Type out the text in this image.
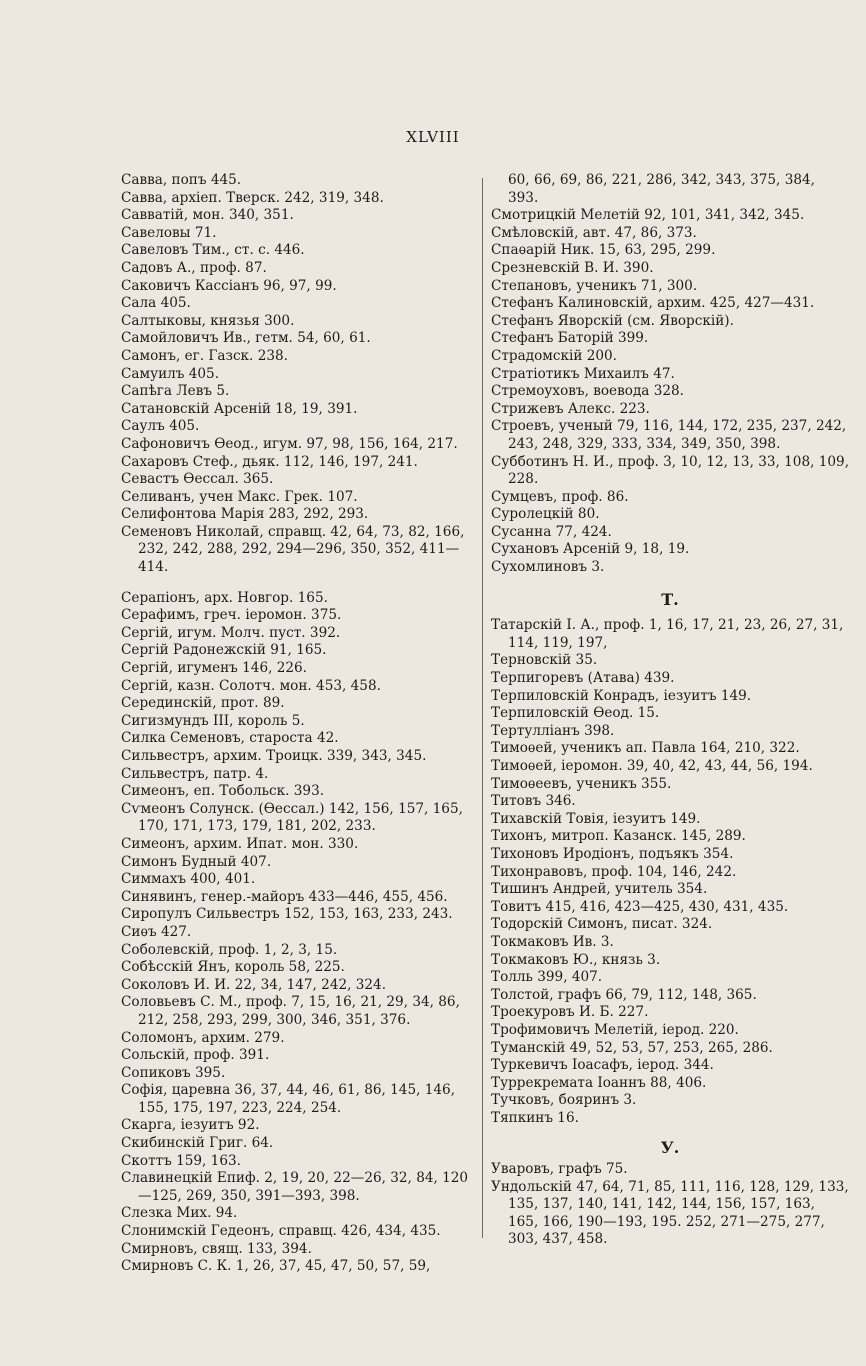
XLVIII
Савва, попъ 445.
Савва, архіеп. Тверск. 242, 319, 348.
Савватій, мон. 340, 351.
Савеловы 71.
Савеловъ Тим., ст. с. 446.
Садовъ А., проф. 87.
Саковичъ Кассіанъ 96, 97, 99.
Сала 405.
Салтыковы, князья 300.
Самойловичъ Ив., гетм. 54, 60, 61.
Самонъ, ег. Газск. 238.
Самуилъ 405.
Сапѣга Левъ 5.
Сатановскій Арсеній 18, 19, 391.
Саулъ 405.
Сафоновичъ Ѳеод., игум. 97, 98, 156, 164, 217.
Сахаровъ Стеф., дьяк. 112, 146, 197, 241.
Севастъ Ѳессал. 365.
Селиванъ, учен Макс. Грек. 107.
Селифонтова Марія 283, 292, 293.
Семеновъ Николай, справщ. 42, 64, 73, 82, 166, 232, 242, 288, 292, 294—296, 350, 352, 411—414.
Серапіонъ, арх. Новгор. 165.
Серафимъ, греч. іеромон. 375.
Сергій, игум. Молч. пуст. 392.
Сергій Радонежскій 91, 165.
Сергій, игуменъ 146, 226.
Сергій, казн. Солотч. мон. 453, 458.
Серединскій, прот. 89.
Сигизмундъ III, король 5.
Силка Семеновъ, староста 42.
Сильвестръ, архим. Троицк. 339, 343, 345.
Сильвестръ, патр. 4.
Симеонъ, еп. Тобольск. 393.
Сѵмеонъ Солунск. (Ѳессал.) 142, 156, 157, 165, 170, 171, 173, 179, 181, 202, 233.
Симеонъ, архим. Ипат. мон. 330.
Симонъ Будный 407.
Симмахъ 400, 401.
Синявинъ, генер.-майоръ 433—446, 455, 456.
Сиропулъ Сильвестръ 152, 153, 163, 233, 243.
Сиѳъ 427.
Соболевскій, проф. 1, 2, 3, 15.
Собѣсскій Янъ, король 58, 225.
Соколовъ И. И. 22, 34, 147, 242, 324.
Соловьевъ С. М., проф. 7, 15, 16, 21, 29, 34, 86, 212, 258, 293, 299, 300, 346, 351, 376.
Соломонъ, архим. 279.
Сольскій, проф. 391.
Сопиковъ 395.
Софія, царевна 36, 37, 44, 46, 61, 86, 145, 146, 155, 175, 197, 223, 224, 254.
Скарга, іезуитъ 92.
Скибинскій Григ. 64.
Скоттъ 159, 163.
Славинецкій Епиф. 2, 19, 20, 22—26, 32, 84, 120—125, 269, 350, 391—393, 398.
Слезка Мих. 94.
Слонимскій Гедеонъ, справщ. 426, 434, 435.
Смирновъ, свящ. 133, 394.
Смирновъ С. К. 1, 26, 37, 45, 47, 50, 57, 59,
60, 66, 69, 86, 221, 286, 342, 343, 375, 384, 393.
Смотрицкій Мелетій 92, 101, 341, 342, 345.
Смѣловскій, авт. 47, 86, 373.
Спаѳарій Ник. 15, 63, 295, 299.
Срезневскій В. И. 390.
Степановъ, ученикъ 71, 300.
Стефанъ Калиновскій, архим. 425, 427—431.
Стефанъ Яворскій (см. Яворскій).
Стефанъ Баторій 399.
Страдомскій 200.
Стратіотикъ Михаилъ 47.
Стремоуховъ, воевода 328.
Стрижевъ Алекс. 223.
Строевъ, ученый 79, 116, 144, 172, 235, 237, 242, 243, 248, 329, 333, 334, 349, 350, 398.
Субботинъ Н. И., проф. 3, 10, 12, 13, 33, 108, 109, 228.
Сумцевъ, проф. 86.
Суролецкій 80.
Сусанна 77, 424.
Сухановъ Арсеній 9, 18, 19.
Сухомлиновъ 3.
Т.
Татарскій I. А., проф. 1, 16, 17, 21, 23, 26, 27, 31, 114, 119, 197,
Терновскій 35.
Терпигоревъ (Атава) 439.
Терпиловскій Конрадъ, іезуитъ 149.
Терпиловскій Ѳеод. 15.
Тертулліанъ 398.
Тимоѳей, ученикъ ап. Павла 164, 210, 322.
Тимоѳей, іеромон. 39, 40, 42, 43, 44, 56, 194.
Тимоѳеевъ, ученикъ 355.
Титовъ 346.
Тихавскій Товія, іезуитъ 149.
Тихонъ, митроп. Казанск. 145, 289.
Тихоновъ Иродіонъ, подъякъ 354.
Тихонравовъ, проф. 104, 146, 242.
Тишинъ Андрей, учитель 354.
Товитъ 415, 416, 423—425, 430, 431, 435.
Тодорскій Симонъ, писат. 324.
Токмаковъ Ив. 3.
Токмаковъ Ю., князь 3.
Толль 399, 407.
Толстой, графъ 66, 79, 112, 148, 365.
Троекуровъ И. Б. 227.
Трофимовичъ Мелетій, іерод. 220.
Туманскій 49, 52, 53, 57, 253, 265, 286.
Туркевичъ Іоасафъ, іерод. 344.
Туррекремата Іоаннъ 88, 406.
Тучковъ, бояринъ 3.
Тяпкинъ 16.
У.
Уваровъ, графъ 75.
Ундольскій 47, 64, 71, 85, 111, 116, 128, 129, 133, 135, 137, 140, 141, 142, 144, 156, 157, 163, 165, 166, 190—193, 195. 252, 271—275, 277, 303, 437, 458.
